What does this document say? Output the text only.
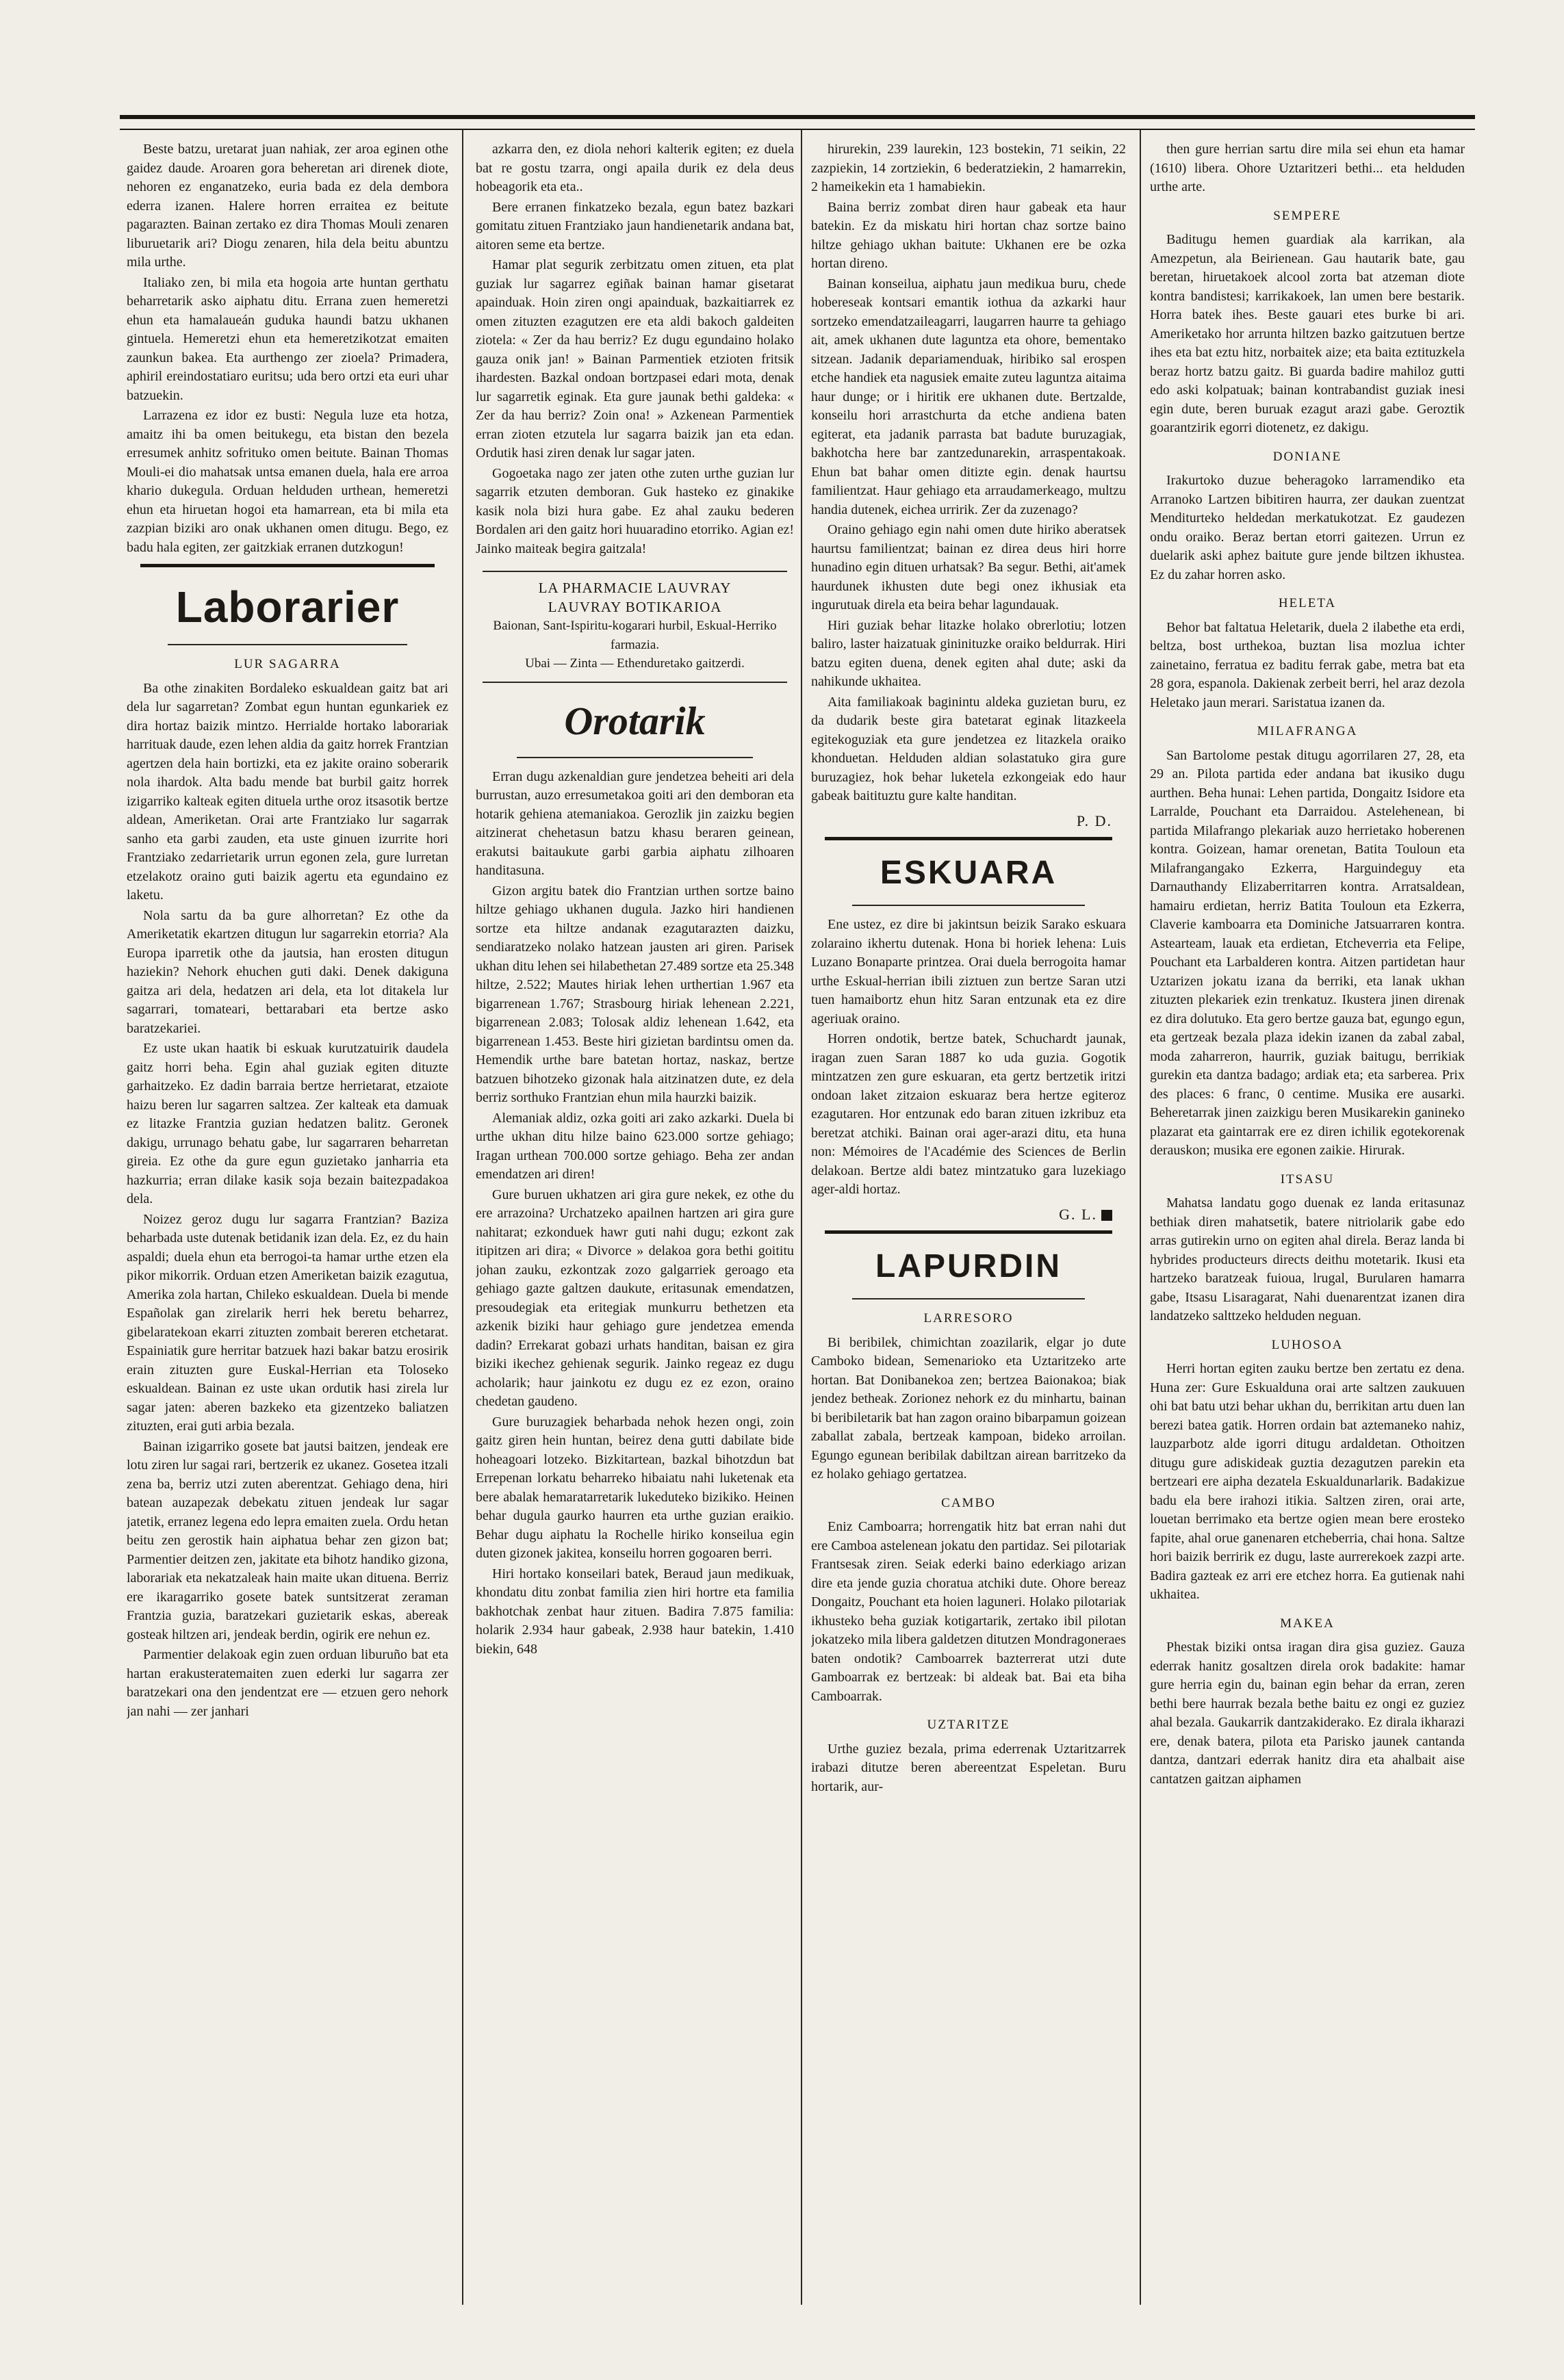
Beste batzu, uretarat juan nahiak, zer aroa eginen othe gaidez daude. Aroaren gora beheretan ari direnek diote, nehoren ez enganatzeko, euria bada ez dela demborа ederra izanen. Halere horren erraitea ez beitute pagarazten. Bainan zertako ez dira Thomas Mouli zenaren liburuetarik ari? Diogu zenaren, hila dela beitu abuntzu mila urthe.

Italiako zen, bi mila eta hogoia arte huntan gerthatu beharretarik asko aiphatu ditu. Errana zuen hemeretzi ehun eta hamalaueán gudukа haundi batzu ukhanen gintuela. Hemeretzi ehun eta hemeretzikotzat emaiten zaunkun bakea. Eta aurthengo zer zioela? Primadera, aphiril ereindostatiaro euritsu; uda bero ortzi eta euri uhar batzuekin.

Larrazena ez idor ez busti: Negula luze eta hotza, amaitz ihi ba omen beitukegu, eta bistan den bezela erresumek anhitz sofrituko omen beitute. Bainan Thomas Mouli-ei dio mahatsak untsa emanen duela, hala ere arroa khario dukegula. Orduan helduden urthean, hemeretzi ehun eta hiruetan hogoi eta hamarrean, eta bi mila eta zazpian biziki aro onak ukhanen omen ditugu. Bego, ez badu hala egiten, zer gaitzkiak erranen dutzkogun!

Laborarier

LUR SAGARRA

Ba othe zinakiten Bordaleko eskualdean gaitz bat ari dela lur sagarretan? Zombat egun huntan egunkariek ez dira hortaz baizik mintzo. Herrialde hortako laborariak harrituak daude, ezen lehen aldia da gaitz horrek Frantzian agertzen dela hain bortizki, eta ez jakite oraino soberarik nola ihardok. Alta badu mende bat burbil gaitz horrek izigarriko kalteak egiten dituela urthe oroz itsasotik bertze aldean, Ameriketan. Orai arte Frantziako lur sagarrak sanho eta garbi zauden, eta uste ginuen izurrite hori Frantziako zedarrietarik urrun egonen zela, gure lurretan etzelakotz oraino guti baizik agertu eta egundaino ez laketu.

Nola sartu da ba gure alhorretan? Ez othe da Ameriketatik ekartzen ditugun lur sagarrekin etorria? Ala Europa iparretik othe da jautsia, han erosten ditugun haziekin? Nehork ehuchen guti daki. Denek dakiguna gaitza ari dela, hedatzen ari dela, eta lot ditakela lur sagarrari, tomateari, bettarabari eta bertze asko baratzekariei.

Ez uste ukan haatik bi eskuak kurutzatuirik daudela gaitz horri beha. Egin ahal guziak egiten dituzte garhaitzeko. Ez dadin barraia bertze herrietarat, etzaiote haizu beren lur sagarren saltzea. Zer kalteak eta damuak ez litazke Frantzia guzian hedatzen balitz. Geronek dakigu, urrunago behatu gabe, lur sagarraren beharretan gireia. Ez othe da gure egun guzietako janharria eta hazkurria; erran dilake kasik soja bezain baitezpadakoa dela.

Noizez geroz dugu lur sagarra Frantzian? Baziza beharbada uste dutenak betidanik izan dela. Ez, ez du hain aspaldi; duela ehun eta berrogoi-ta hamar urthe etzen ela pikor mikorrik. Orduan etzen Ameriketan baizik ezagutua, Amerika zola hartan, Chileko eskualdean. Duela bi mende Españolak gan zirelarik herri hek beretu beharrez, gibelaratekoan ekarri zituzten zombait bereren etchetarat. Espainiatik gure herritar batzuek hazi bakar batzu erosirik erain zituzten gure Euskal-Herrian eta Toloseko eskualdean. Bainan ez uste ukan ordutik hasi zirela lur sagar jaten: aberen bazkeko eta gizentzeko baliatzen zituzten, erai guti arbia bezala.

Bainan izigarriko gosete bat jautsi baitzen, jendeak ere lotu ziren lur sagai rari, bertzerik ez ukanez. Gosetea itzali zena ba, berriz utzi zuten aberentzat. Gehiago dena, hiri batean auzapezak debekatu zituen jendeak lur sagar jatetik, erranez legena edo lepra emaiten zuela. Ordu hetan beitu zen gerostik hain aiphatua behar zen gizon bat; Parmentier deitzen zen, jakitate eta bihotz handiko gizona, laborariak eta nekatzaleak hain maite ukan dituena. Berriz ere ikaragarriko gosete batek suntsitzerat zeraman Frantzia guzia, baratzekari guzietarik eskas, abereak gosteak hiltzen ari, jendeak berdin, ogirik ere nehun ez.

Parmentier delakoak egin zuen orduan liburuño bat eta hartan erakusteratemaiten zuen ederki lur sagarra zer baratzekari ona den jendentzat ere — etzuen gero nehork jan nahi — zer janhari

azkarra den, ez diola nehori kalterik egiten; ez duela bat re gostu tzarra, ongi apaila durik ez dela deus hobeagorik eta eta..

Bere erranen finkatzeko bezala, egun batez bazkari gomitatu zituen Frantziako jaun handienetarik andana bat, aitoren seme eta bertze.

Hamar plat segurik zerbitzatu omen zituen, eta plat guziak lur sagarrez egiñak bainan hamar gisetarat apainduak. Hoin ziren ongi apainduak, bazkaitiarrek ez omen zituzten ezagutzen ere eta aldi bakoch galdeiten ziotela: « Zer da hau berriz? Ez dugu egundaino holako gauza onik jan! » Bainan Parmentiek etzioten fritsik ihardesten. Bazkal ondoan bortzpasei edari mota, denak lur sagarretik eginak. Eta gure jaunak bethi galdeka: « Zer da hau berriz? Zoin ona! » Azkenean Parmentiek erran zioten etzutela lur sagarra baizik jan eta edan. Ordutik hasi ziren denak lur sagar jaten.

Gogoetaka nago zer jaten othe zuten urthe guzian lur sagarrik etzuten dembоran. Guk hasteko ez ginakike kasik nola bizi hura gabe. Ez ahal zauku bederen Bordalen ari den gaitz hori huuaradino etorriko. Agian ez! Jainko maiteak begira gaitzala!

LA PHARMACIE LAUVRAY
LAUVRAY BOTIKARIOA
Baionan, Sant-Ispiritu-kogarari hurbil, Eskual-Herriko farmazia.
Ubai — Zinta — Ethenduretako gaitzerdi.
Orotarik

Erran dugu azkenaldian gure jendetzea beheiti ari dela burrustan, auzo erresumetakoa goiti ari den demboran eta hotarik gehiena atemaniakoa. Gerozlik jin zaizku begien aitzinerat chehetasun batzu khasu beraren geinean, erakutsi baitaukute garbi garbia aiphatu zilhoaren handitasuna.

Gizon argitu batek dio Frantzian urthen sortze baino hiltze gehiago ukhanen dugula. Jazko hiri handienen sortze eta hiltze andanak ezagutarazten daizku, sendiaratzeko nolako hatzean jausten ari giren. Parisek ukhan ditu lehen sei hilabethetan 27.489 sortze eta 25.348 hiltze, 2.522; Mautes hiriak lehen urthertian 1.967 eta bigarrenean 1.767; Strasbourg hiriak lehenean 2.221, bigarrenean 2.083; Tolosak aldiz lehenean 1.642, eta bigarrenean 1.453. Beste hiri gizietan bardintsu omen da. Hemendik urthe bare batetan hortaz, naskaz, bertze batzuen bihotzeko gizonak hala aitzinatzen dute, ez dela berriz sorthuko Frantzian ehun mila haurzki baizik.

Alemaniak aldiz, ozka goiti ari zako azkarki. Duela bi urthe ukhan ditu hilze baino 623.000 sortze gehiago; Iragan urthean 700.000 sortze gehiago. Beha zer andan emendatzen ari diren!

Gure buruen ukhatzen ari gira gure nekek, ez othe du ere arrazoina? Urchatzeko apailnen hartzen ari gira gure nahitarat; ezkonduek hawr guti nahi dugu; ezkont zak itipitzen ari dira; « Divorce » delakoa gora bethi goititu johan zauku, ezkontzak zozo galgarriek geroago eta gehiago gazte galtzen daukute, eritasunak emendatzen, presoudegiak eta eritegiak munkurru bethetzen eta azkenik biziki haur gehiago gure jendetzea emenda dadin? Errekarat gobazi urhats handitan, baisan ez gira biziki ikechez gehienak segurik. Jainko regeaz ez dugu acholarik; haur jainkotu ez dugu ez ez ezon, oraino chedetan gaudeno.

Gure buruzagiek beharbada nehok hezen ongi, zoin gaitz giren hein huntan, beirez dena gutti dabilate bide hoheagoari lotzeko. Bizkitartean, bazkal bihotzdun bat Errepenan lorkatu beharreko hibaiatu nahi luketenak eta bere abalak hemaratarretarik lukeduteko bizikiko. Heinen behar dugula gaurko haurren eta urthe guzian eraikio. Behar dugu aiphatu la Rochelle hiriko konseilua egin duten gizonek jakitea, konseilu horren gogoaren berri.

Hiri hortako konseilari batek, Beraud jaun medikuak, khondatu ditu zonbat familia zien hiri hortre eta familia bakhotchak zenbat haur zituen. Badira 7.875 familia: holarik 2.934 haur gabeak, 2.938 haur batekin, 1.410 biekin, 648

hirurekin, 239 laurekin, 123 bostekin, 71 seikin, 22 zazpiekin, 14 zortziekin, 6 bederatziekin, 2 hamarrekin, 2 hameikekin eta 1 hamabiekin.

Baina berriz zombat diren haur gabeak eta haur batekin. Ez da miskatu hiri hortan chaz sortze baino hiltze gehiago ukhan baitute: Ukhanen ere be ozka hortan direno.

Bainan konseilua, aiphatu jaun medikua buru, chede hobereseak kontsari emantik iothua da azkarki haur sortzeko emendatzaileagarri, laugarren haurre ta gehiago ait, amek ukhanen dute laguntza eta ohore, bementako sitzean. Jadanik depariamenduak, hiribiko sal erospen etche handiek eta nagusiek emaite zuteu laguntza aitaima haur dunge; or i hiritik ere ukhanen dute. Bertzalde, konseilu hori arrastchurta da etche andiena baten egiterat, eta jadanik parrasta bat badute buruzagiak, bakhotcha here bar zantzedunarekin, arraspentakoak. Ehun bat bahar omen ditizte egin. denak haurtsu familientzat. Haur gehiago eta arraudamerkeago, multzu handia dutenek, eichea urririk. Zer da zuzenago?

Oraino gehiago egin nahi omen dute hiriko aberatsek haurtsu familientzat; bainan ez direa deus hiri horre hunadino egin dituen urhatsak? Ba segur. Bethi, ait'amek haurdunek ikhusten dute begi onez ikhusiak eta ingurutuak direla eta beira behar lagundauak.

Hiri guziak behar litazke holako obrerlotiu; lotzen baliro, laster haizatuak gininituzke oraiko beldurrak. Hiri batzu egiten duena, denek egiten ahal dute; aski da nahikunde ukhaitea.

Aita familiakoak baginintu aldeka guzietan buru, ez da dudarik beste gira batetarat eginak litazkeela egitekoguziak eta gure jendetzea ez litazkela oraiko khonduetan. Helduden aldian solastatuko gira gure buruzagiez, hok behar luketela ezkongeiak edo haur gabeak baitituztu gure kalte handitan.

P. D.
ESKUARA

Ene ustez, ez dire bi jakintsun beizik Sarako eskuara zolaraino ikhertu dutenak. Hona bi horiek lehena: Luis Luzano Bonaparte printzea. Orai duela berrogoita hamar urthe Eskual-herrian ibili ziztuen zun bertze Saran utzi tuen hamaibortz ehun hitz Saran entzunak eta ez dire ageriuak oraino.

Horren ondotik, bertze batek, Schuchardt jaunak, iragan zuen Saran 1887 ko uda guzia. Gogotik mintzatzen zen gure eskuaran, eta gertz bertzetik iritzi ondoan laket zitzaion eskuaraz bera hertze egiteroz ezagutaren. Hor entzunak edo baran zituen izkribuz eta beretzat atchiki. Bainan orai ager-arazi ditu, eta huna non: Mémoires de l'Académie des Sciences de Berlin delakoan. Bertze aldi batez mintzatuko gara luzekiago ager-aldi hortaz.

G. L.
LAPURDIN

LARRESORO

Bi beribilek, chimichtan zoazilarik, elgar jo dute Camboko bidean, Semenarioko eta Uztaritzeko arte hortan. Bat Donibanekoa zen; bertzea Baionakoa; biak jendez betheak. Zorionez nehork ez du minhartu, bainan bi beribiletarik bat han zagon oraino bibarpamun goizean zaballat zabala, bertzeak kampoan, bideko arroilan. Egungo egunean beribilak dabiltzan airean barritzeko da ez holako gehiago gertatzea.

CAMBO

Eniz Camboarra; horrengatik hitz bat erran nahi dut ere Camboa astelenean jokatu den partidaz. Sei pilotariak Frantsesak ziren. Seiak ederki baino ederkiago arizan dire eta jende guzia choratua atchiki dute. Ohore bereaz Dongaitz, Pouchant eta hoien laguneri. Holako pilotariak ikhusteko beha guziak kotigartarik, zertako ibil pilotan jokatzeko mila libera galdetzen ditutzen Mondragoneraes baten ondotik? Camboarrek bazterrerat utzi dute Gamboarrak ez bertzeak: bi aldeak bat. Bai eta bihа Camboarrak.

UZTARITZE

Urthe guziez bezala, prima ederrenak Uztaritzarrek irabazi ditutze beren abereentzat Espeletan. Buru hortarik, aur-

then gure herrian sartu dire mila sei ehun eta hamar (1610) libera. Ohore Uztaritzeri bethi... eta helduden urthe arte.

SEMPERE

Baditugu hemen guardiak ala karrikan, ala Amezpetun, ala Beirienean. Gau hautarik bate, gau beretan, hiruetakoek alcool zorta bat atzeman diote kontra bandistesi; karrikakoek, lan umen bere bestarik. Horra batek ihes. Beste gauari etes burke bi ari. Ameriketako hor arrunta hiltzen bazko gaitzutuen bertze ihes eta bat eztu hitz, norbaitek aize; eta baita eztituzkela beraz hortz batzu gaitz. Bi guarda badire mahiloz gutti edo aski kolpatuak; bainan kontrabandist guziak inesi egin dute, beren buruak ezagut arazi gabe. Geroztik goarantzirik egorri diotenetz, ez dakigu.

DONIANE

Irakurtoko duzue beheragoko larramendiko eta Arranoko Lartzen bibitiren haurra, zer daukan zuentzat Menditurteko heldedan merkatukotzat. Ez gaudezen ondu oraiko. Beraz bertan etorri gaitezen. Urrun ez duelarik aski aphez baitute gure jende biltzen ikhustea. Ez du zahar horren asko.

HELETA

Behor bat faltatua Heletarik, duela 2 ilabethe eta erdi, beltza, bost urthekoa, buztan lisa mozlua ichter zainetaino, ferratua ez baditu ferrak gabe, metra bat eta 28 gora, espanola. Dakienak zerbeit berri, hel araz dezola Heletako jaun merari. Saristatua izanen da.

MILAFRANGA

San Bartolome pestak ditugu agorrilaren 27, 28, eta 29 an. Pilota partida eder andana bat ikusiko dugu aurthen. Beha hunai: Lehen partida, Dongaitz Isidore eta Larralde, Pouchant eta Darraidou. Astelehenean, bi partida Milafrango plekariak auzo herrietako hoberenen kontra. Goizean, hamar orenetan, Batita Touloun eta Milafrangangako Ezkerra, Harguindeguy eta Darnauthandy Elizaberritarren kontra. Arratsaldean, hamairu erdietan, herriz Batita Touloun eta Ezkerra, Claverie kamboarra eta Dominiche Jatsuarraren kontra. Astearteam, lauak eta erdietan, Etcheverria eta Felipe, Pouchant eta Larbalderen kontra. Aitzen partidetan haur Uztarizen jokatu izana da berriki, eta lanak ukhan zituzten plekariek ezin trenkatuz. Ikustera jinen direnak ez dira dolutuko. Eta gero bertze gauza bat, egungo egun, eta gertzeak bezala plaza idekin izanen da zabal zabal, moda zaharreron, haurrik, guziak baitugu, berrikiak gurekin eta dantza badago; ardiak eta; eta sarberea. Prix des places: 6 franc, 0 centime. Musika ere ausarki. Beheretarrak jinen zaizkigu beren Musikarekin ganineko plazarat eta gaintarrak ere ez diren ichilik egotekorenak derauskon; musika ere egonen zaikie. Hirurak.

ITSASU

Mahatsa landatu gogo duenak ez landa eritasunaz bethiak diren mahatsetik, batere nitriolarik gabe edo arras gutirekin urno on egiten ahal direla. Beraz landa bi hybrides producteurs directs deithu motetarik. Ikusi eta hartzeko baratzeak fuioua, lrugal, Burularen hamarra gabe, Itsasu Lisaragarat, Nahi duenarentzat izanen dira landatzeko salttzeko helduden neguan.

LUHOSOA

Herri hortan egiten zauku bertze ben zertatu ez dena. Huna zer: Gure Eskualduna orai arte saltzen zaukuuen ohi bat batu utzi behar ukhan du, berrikitan artu duen lan berezi batea gatik. Horren ordain bat aztemaneko nahiz, lauzparbotz alde igorri ditugu ardaldetan. Othoitzen ditugu gure adiskideak guztia dezagutzen parekin eta bertzeari ere aipha dezatela Eskualdunarlarik. Badakizue badu ela bere irahozi itikia. Saltzen ziren, orai arte, louetan berrimako eta bertze ogien mean bere erosteko fapite, ahal orue ganenaren etcheberria, chai hona. Saltze hori baizik berririk ez dugu, laste aurrerekoek zazpi arte. Badira gazteak ez arri ere etchez horra. Ea gutienak nahi ukhaitea.

MAKEA

Phestak biziki ontsa iragan dira gisa guziez. Gauza ederrak hanitz gosaltzen direla orok badakite: hamar gure herria egin du, bainan egin behar da erran, zeren bethi bere haurrak bezala bethe baitu ez ongi ez guziez ahal bezala. Gaukarrik dantzakiderako. Ez dirala ikharazi ere, denak batera, pilota eta Parisko jaunek cantanda dantza, dantzari ederrak hanitz dira eta ahalbait aise cantatzen gaitzan aiphamen
